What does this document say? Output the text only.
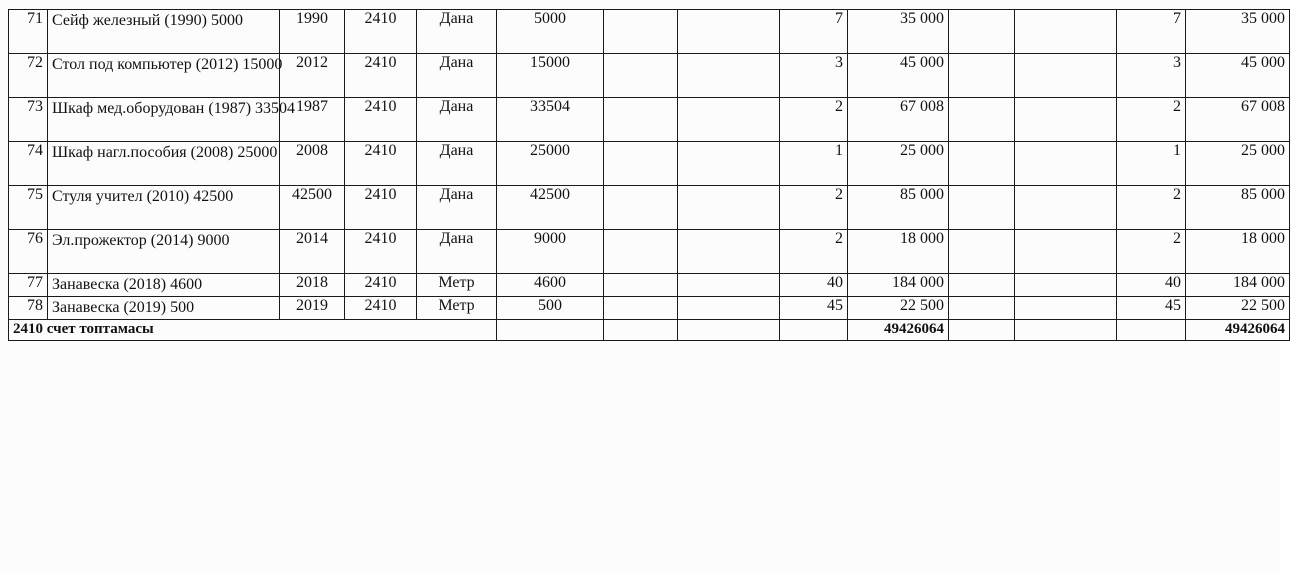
71	Сейф железный (1990) 5000	1990	2410	Дана	5000			7	35 000			7	35 000
72	Стол под компьютер (2012) 15000	2012	2410	Дана	15000			3	45 000			3	45 000
73	Шкаф мед.оборудован (1987) 33504	1987	2410	Дана	33504			2	67 008			2	67 008
74	Шкаф нагл.пособия (2008) 25000	2008	2410	Дана	25000			1	25 000			1	25 000
75	Стуля учител (2010) 42500	42500	2410	Дана	42500			2	85 000			2	85 000
76	Эл.прожектор (2014) 9000	2014	2410	Дана	9000			2	18 000			2	18 000
77	Занавеска (2018) 4600	2018	2410	Метр	4600			40	184 000			40	184 000
78	Занавеска (2019) 500	2019	2410	Метр	500			45	22 500			45	22 500
2410 счет топтамасы									49426064				49426064
